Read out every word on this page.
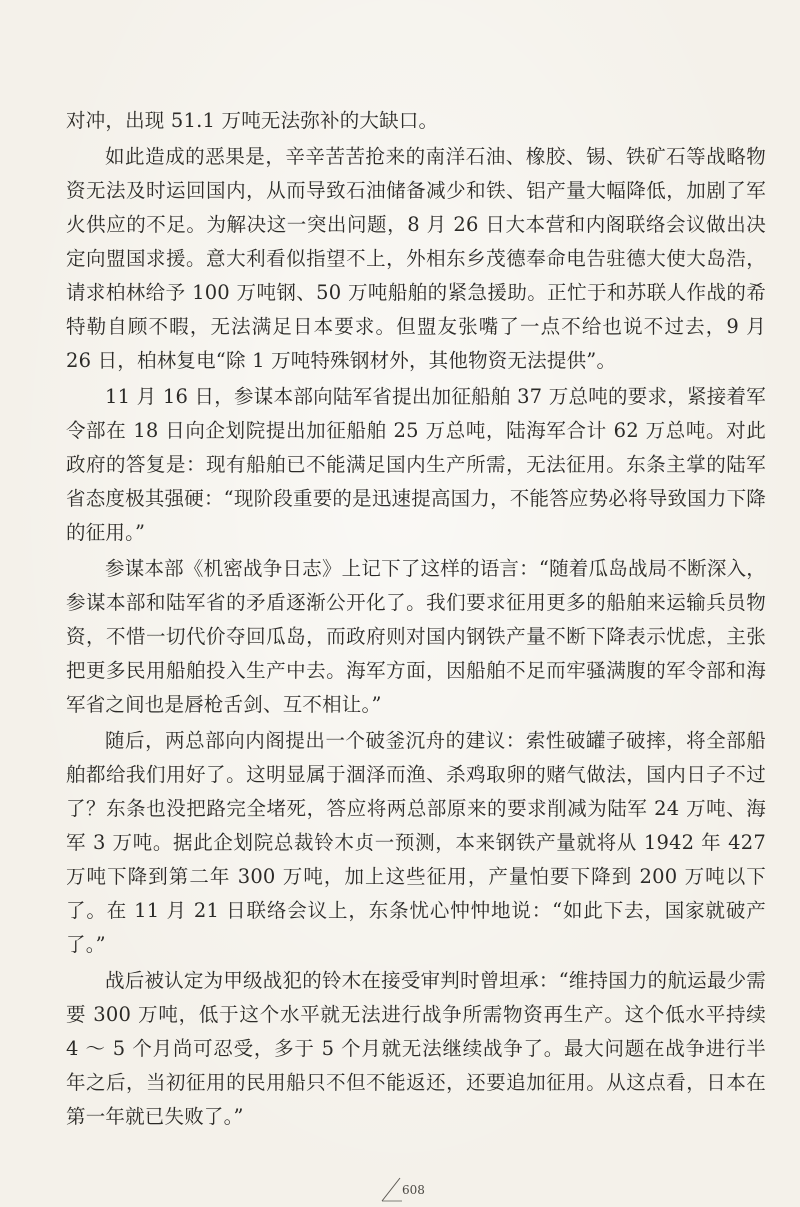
对冲，出现 51.1 万吨无法弥补的大缺口。

如此造成的恶果是，辛辛苦苦抢来的南洋石油、橡胶、锡、铁矿石等战略物资无法及时运回国内，从而导致石油储备减少和铁、铝产量大幅降低，加剧了军火供应的不足。为解决这一突出问题，8 月 26 日大本营和内阁联络会议做出决定向盟国求援。意大利看似指望不上，外相东乡茂德奉命电告驻德大使大岛浩，请求柏林给予 100 万吨钢、50 万吨船舶的紧急援助。正忙于和苏联人作战的希特勒自顾不暇，无法满足日本要求。但盟友张嘴了一点不给也说不过去，9 月 26 日，柏林复电“除 1 万吨特殊钢材外，其他物资无法提供”。

11 月 16 日，参谋本部向陆军省提出加征船舶 37 万总吨的要求，紧接着军令部在 18 日向企划院提出加征船舶 25 万总吨，陆海军合计 62 万总吨。对此政府的答复是：现有船舶已不能满足国内生产所需，无法征用。东条主掌的陆军省态度极其强硬：“现阶段重要的是迅速提高国力，不能答应势必将导致国力下降的征用。”

参谋本部《机密战争日志》上记下了这样的语言：“随着瓜岛战局不断深入，参谋本部和陆军省的矛盾逐渐公开化了。我们要求征用更多的船舶来运输兵员物资，不惜一切代价夺回瓜岛，而政府则对国内钢铁产量不断下降表示忧虑，主张把更多民用船舶投入生产中去。海军方面，因船舶不足而牢骚满腹的军令部和海军省之间也是唇枪舌剑、互不相让。”

随后，两总部向内阁提出一个破釜沉舟的建议：索性破罐子破摔，将全部船舶都给我们用好了。这明显属于涸泽而渔、杀鸡取卵的赌气做法，国内日子不过了？东条也没把路完全堵死，答应将两总部原来的要求削减为陆军 24 万吨、海军 3 万吨。据此企划院总裁铃木贞一预测，本来钢铁产量就将从 1942 年 427 万吨下降到第二年 300 万吨，加上这些征用，产量怕要下降到 200 万吨以下了。在 11 月 21 日联络会议上，东条忧心忡忡地说：“如此下去，国家就破产了。”

战后被认定为甲级战犯的铃木在接受审判时曾坦承：“维持国力的航运最少需要 300 万吨，低于这个水平就无法进行战争所需物资再生产。这个低水平持续 4 ～ 5 个月尚可忍受，多于 5 个月就无法继续战争了。最大问题在战争进行半年之后，当初征用的民用船只不但不能返还，还要追加征用。从这点看，日本在第一年就已失败了。”

608
